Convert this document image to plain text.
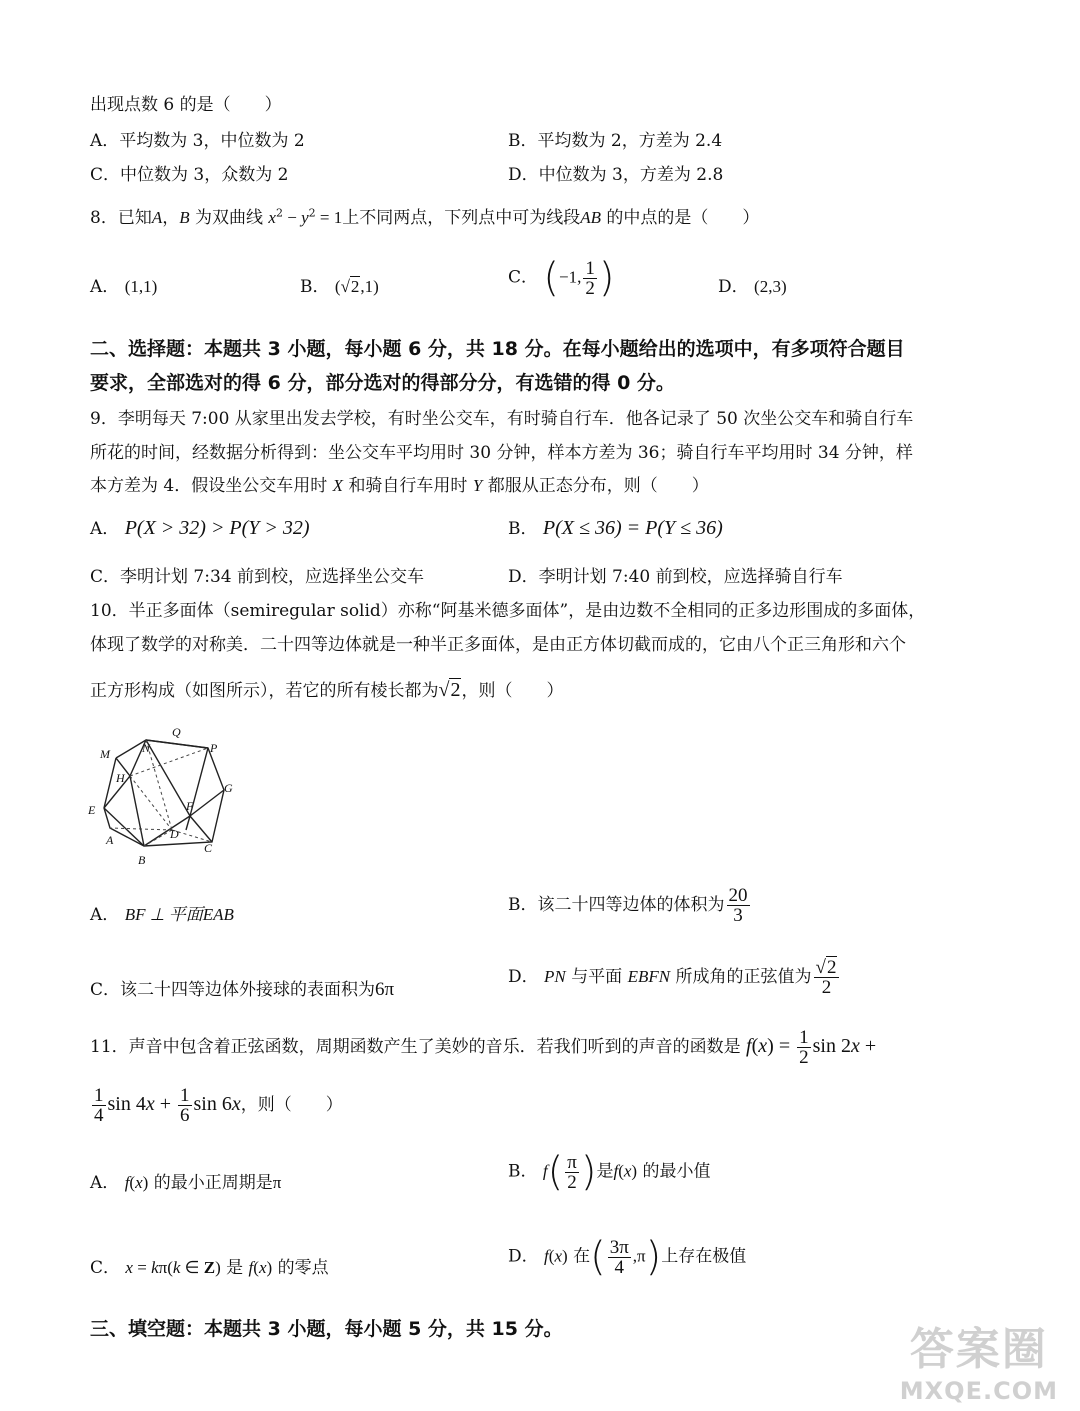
出现点数 6 的是（　　）
A．平均数为 3，中位数为 2	B．平均数为 2，方差为 2.4
C．中位数为 3，众数为 2	D．中位数为 3，方差为 2.8
8．已知A，B 为双曲线 $x^2 - y^2 = 1$上不同两点，下列点中可为线段AB 的中点的是（　　）
A． (1,1)	B． (√2,1)	C． (−1, $\frac{1}{2}$ )	D． (2,3)
二、选择题：本题共 3 小题，每小题 6 分，共 18 分。在每小题给出的选项中，有多项符合题目
要求，全部选对的得 6 分，部分选对的得部分分，有选错的得 0 分。
9．李明每天 7:00 从家里出发去学校，有时坐公交车，有时骑自行车．他各记录了 50 次坐公交车和骑自行车
所花的时间，经数据分析得到：坐公交车平均用时 30 分钟，样本方差为 36；骑自行车平均用时 34 分钟，样
本方差为 4．假设坐公交车用时 X 和骑自行车用时 Y 都服从正态分布，则（　　）
A． P(X > 32) > P(Y > 32)	B． P(X ≤ 36) = P(Y ≤ 36)
C．李明计划 7:34 前到校，应选择坐公交车	D．李明计划 7:40 前到校，应选择骑自行车
10．半正多面体（semiregular solid）亦称“阿基米德多面体”，是由边数不全相同的正多边形围成的多面体，
体现了数学的对称美．二十四等边体就是一种半正多面体，是由正方体切截而成的，它由八个正三角形和六个
正方形构成（如图所示），若它的所有棱长都为√2，则（　　）
M
Q
P
H
N
G
E	F
D
A
C
B
A． BF ⊥ 平面EAB	B．该二十四等边体的体积为 $\frac{20}{3}$
C．该二十四等边体外接球的表面积为6π
D． PN 与平面 EBFN 所成角的正弦值为 $\frac{√2}{2}$
11．声音中包含着正弦函数，周期函数产生了美妙的音乐．若我们听到的声音的函数是 $f(x) = \frac{1}{2}$ sin 2x +
$\frac{1}{4}$ $\sin 4x + \frac{1}{6}$ sin 6x，则（　　）
A． f(x) 的最小正周期是π
B． $f( \frac{\pi}{2}$ )是f(x) 的最小值
C． x = kπ(k ∈ Z) 是 f(x) 的零点
D． f(x) 在( $\frac{3\pi}{4} ,\pi$)上存在极值
三、填空题：本题共 3 小题，每小题 5 分，共 15 分。	答案圈
MXQE.COM
